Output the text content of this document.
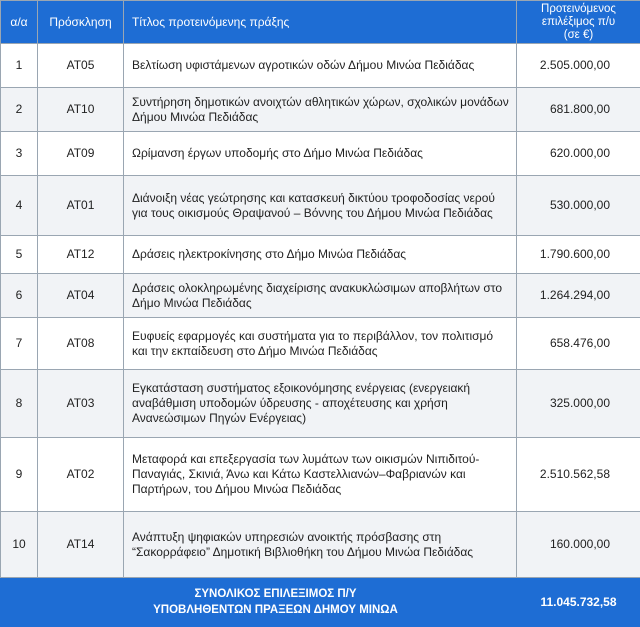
α/α	Πρόσκληση	Τίτλος προτεινόμενης πράξης	Προτεινόμενος
επιλέξιμος π/υ
(σε €)

1	ΑΤ05	Βελτίωση υφιστάμενων αγροτικών οδών Δήμου Μινώα Πεδιάδας	2.505.000,00
2	ΑΤ10	Συντήρηση δημοτικών ανοιχτών αθλητικών χώρων, σχολικών μονάδων Δήμου Μινώα Πεδιάδας	681.800,00
3	ΑΤ09	Ωρίμανση έργων υποδομής στο Δήμο Μινώα Πεδιάδας	620.000,00
4	ΑΤ01	Διάνοιξη νέας γεώτρησης και κατασκευή δικτύου τροφοδοσίας νερού για τους οικισμούς Θραψανού – Βόννης του Δήμου Μινώα Πεδιάδας	530.000,00
5	ΑΤ12	Δράσεις ηλεκτροκίνησης στο Δήμο Μινώα Πεδιάδας	1.790.600,00
6	ΑΤ04	Δράσεις ολοκληρωμένης διαχείρισης ανακυκλώσιμων αποβλήτων στο Δήμο Μινώα Πεδιάδας	1.264.294,00
7	ΑΤ08	Ευφυείς εφαρμογές και συστήματα για το περιβάλλον, τον πολιτισμό και την εκπαίδευση στο Δήμο Μινώα Πεδιάδας	658.476,00
8	ΑΤ03	Εγκατάσταση συστήματος εξοικονόμησης ενέργειας (ενεργειακή αναβάθμιση υποδομών ύδρευσης - αποχέτευσης και χρήση Ανανεώσιμων Πηγών Ενέργειας)	325.000,00
9	ΑΤ02	Μεταφορά και επεξεργασία των λυμάτων των οικισμών Νιπιδιτού-Παναγιάς, Σκινιά, Άνω και Κάτω Καστελλιανών–Φαβριανών και Παρτήρων, του Δήμου Μινώα Πεδιάδας	2.510.562,58
10	ΑΤ14	Ανάπτυξη ψηφιακών υπηρεσιών ανοικτής πρόσβασης στη “Σακορράφειο” Δημοτική Βιβλιοθήκη του Δήμου Μινώα Πεδιάδας	160.000,00

ΣΥΝΟΛΙΚΟΣ ΕΠΙΛΕΞΙΜΟΣ Π/Υ
ΥΠΟΒΛΗΘΕΝΤΩΝ ΠΡΑΞΕΩΝ ΔΗΜΟΥ ΜΙΝΩΑ			11.045.732,58
